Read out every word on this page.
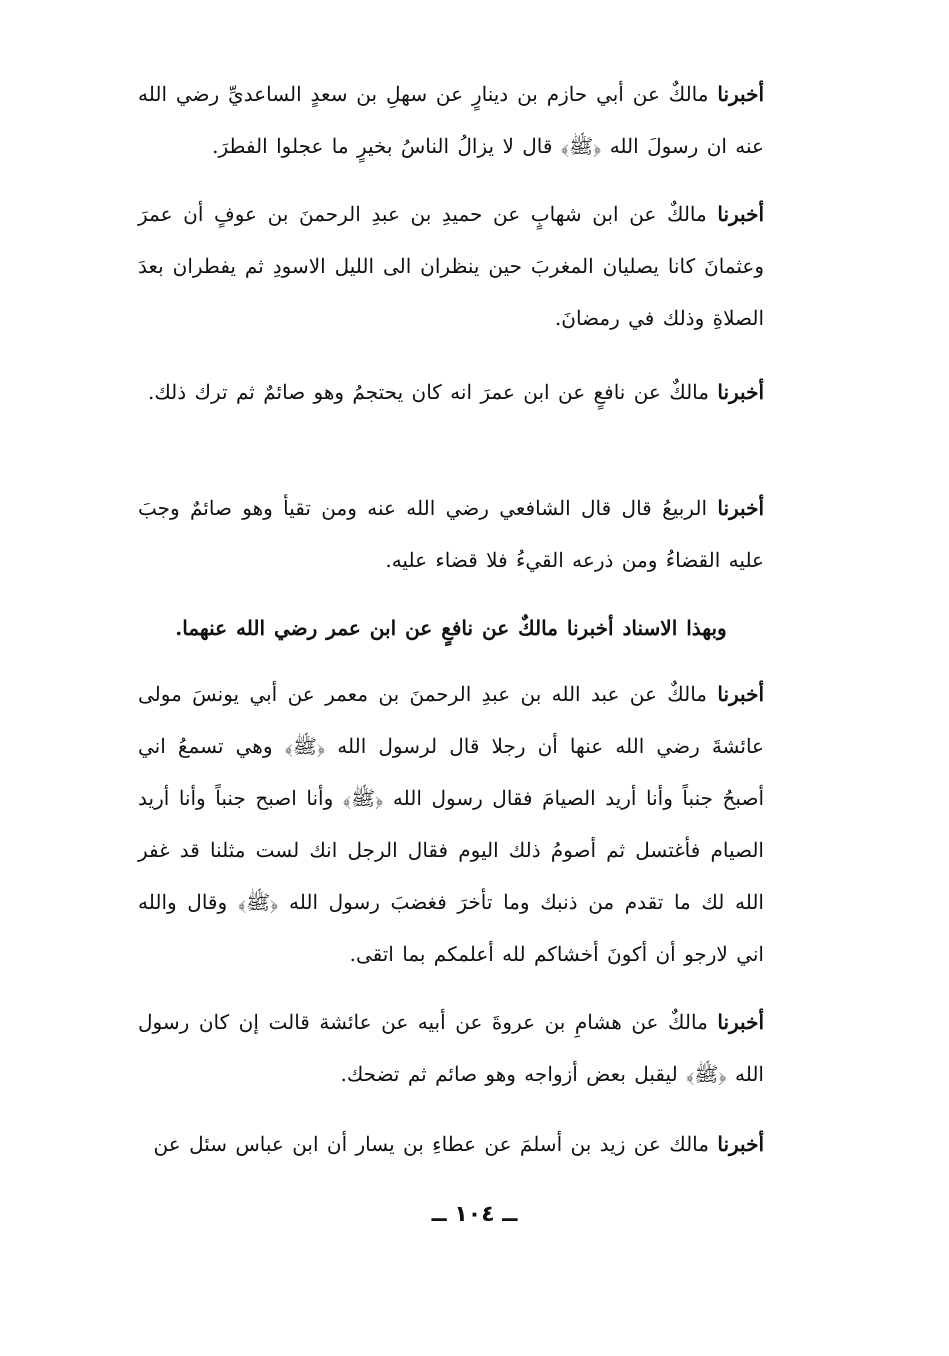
أخبرنا مالكٌ عن أبي حازم بن دينارٍ عن سهلِ بن سعدٍ الساعديِّ رضي الله عنه ان رسولَ الله ﴿ﷺ﴾ قال لا يزالُ الناسُ بخيرٍ ما عجلوا الفطرَ.

أخبرنا مالكٌ عن ابن شهابٍ عن حميدِ بن عبدِ الرحمنَ بن عوفٍ أن عمرَ وعثمانَ كانا يصليان المغربَ حين ينظران الى الليل الاسودِ ثم يفطران بعدَ الصلاةِ وذلك في رمضانَ.

أخبرنا مالكٌ عن نافعٍ عن ابن عمرَ انه كان يحتجمُ وهو صائمٌ ثم ترك ذلك.

أخبرنا الربيعُ قال قال الشافعي رضي الله عنه ومن تقيأ وهو صائمٌ وجبَ عليه القضاءُ ومن ذرعه القيءُ فلا قضاء عليه.

وبهذا الاسناد أخبرنا مالكٌ عن نافعٍ عن ابن عمر رضي الله عنهما.

أخبرنا مالكٌ عن عبد الله بن عبدِ الرحمنَ بن معمر عن أبي يونسَ مولى عائشةَ رضي الله عنها أن رجلا قال لرسول الله ﴿ﷺ﴾ وهي تسمعُ اني أصبحُ جنباً وأنا أريد الصيامَ فقال رسول الله ﴿ﷺ﴾ وأنا اصبح جنباً وأنا أريد الصيام فأغتسل ثم أصومُ ذلك اليوم فقال الرجل انك لست مثلنا قد غفر الله لك ما تقدم من ذنبك وما تأخرَ فغضبَ رسول الله ﴿ﷺ﴾ وقال والله اني لارجو أن أكونَ أخشاكم لله أعلمكم بما اتقى.

أخبرنا مالكٌ عن هشامِ بن عروةَ عن أبيه عن عائشة قالت إن كان رسول الله ﴿ﷺ﴾ ليقبل بعض أزواجه وهو صائم ثم تضحك.

أخبرنا مالك عن زيد بن أسلمَ عن عطاءِ بن يسار أن ابن عباس سئل عن

ــ ١٠٤ ــ
